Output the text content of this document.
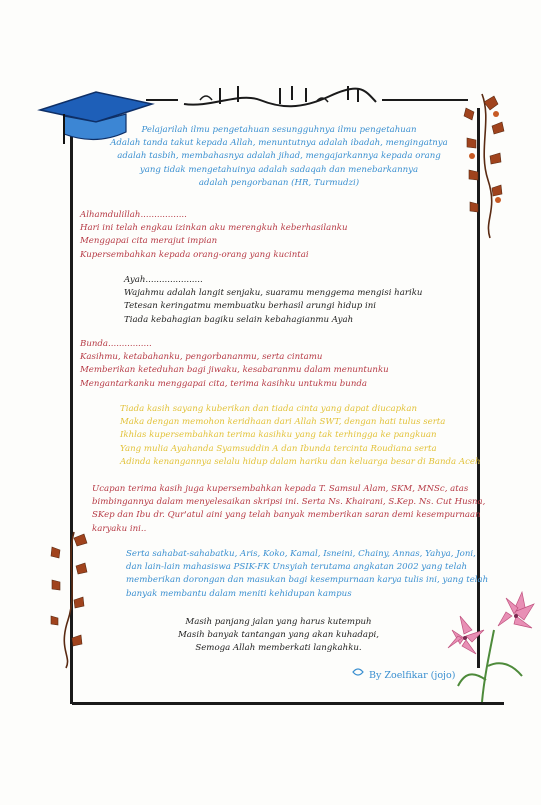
Pelajarilah ilmu pengetahuan sesungguhnya ilmu pengetahuan
Adalah tanda takut kepada Allah, menuntutnya adalah ibadah, mengingatnya
adalah tasbih, membahasnya adalah jihad, mengajarkannya kepada orang
yang tidak mengetahuinya adalah sadaqah dan menebarkannya
adalah pengorbanan (HR, Turmudzi)
Alhamdulillah.................
Hari ini telah engkau izinkan aku merengkuh keberhasilanku
Menggapai cita merajut impian
Kupersembahkan kepada orang-orang yang kucintai
Ayah.....................
Wajahmu adalah langit senjaku, suaramu menggema mengisi hariku
Tetesan keringatmu membuatku berhasil arungi hidup ini
Tiada kebahagian bagiku selain kebahagianmu Ayah
Bunda................
Kasihmu, ketabahanku, pengorbananmu, serta cintamu
Memberikan keteduhan bagi jiwaku, kesabaranmu dalam menuntunku
Mengantarkanku menggapai cita, terima kasihku untukmu bunda
Tiada kasih sayang kuberikan dan tiada cinta yang dapat diucapkan
Maka dengan memohon keridhaan dari Allah SWT, dengan hati tulus serta
Ikhlas kupersembahkan terima kasihku yang tak terhingga ke pangkuan
Yang mulia Ayahanda Syamsuddin A dan Ibunda tercinta Roudiana serta
Adinda kenangannya selalu hidup dalam hariku dan keluarga besar di Banda Aceh
Ucapan terima kasih juga kupersembahkan kepada T. Samsul Alam, SKM, MNSc, atas
bimbingannya dalam menyelesaikan skripsi ini. Serta Ns. Khairani, S.Kep. Ns. Cut Husna,
SKep dan Ibu dr. Qur'atul aini yang telah banyak memberikan saran demi kesempurnaan
karyaku ini..
Serta sahabat-sahabatku, Aris, Koko, Kamal, Isneini, Chainy, Annas, Yahya, Joni,
dan lain-lain mahasiswa PSIK-FK Unsyiah terutama angkatan 2002 yang telah
memberikan dorongan dan masukan bagi kesempurnaan karya tulis ini, yang telah
banyak membantu dalam meniti kehidupan kampus
Masih panjang jalan yang harus kutempuh
Masih banyak tantangan yang akan kuhadapi,
Semoga Allah memberkati langkahku.
By Zoelfikar (jojo)
